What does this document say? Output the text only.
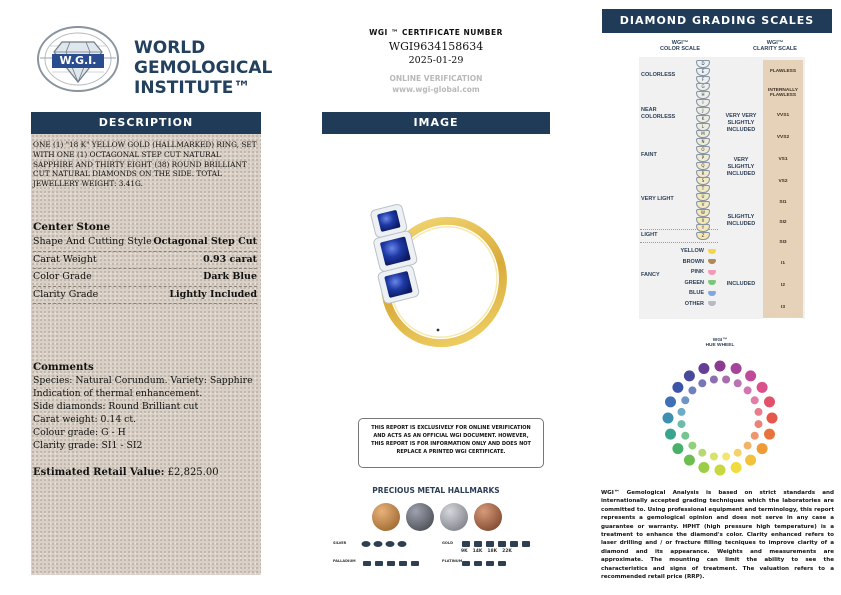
W.G.I.
WORLD
GEMOLOGICAL
INSTITUTE™
DESCRIPTION
ONE (1) "18 K" YELLOW GOLD (HALLMARKED) RING, SET WITH ONE (1) OCTAGONAL STEP CUT NATURAL SAPPHIRE AND THIRTY EIGHT (38) ROUND BRILLIANT CUT NATURAL DIAMONDS ON THE SIDE. TOTAL JEWELLERY WEIGHT: 3.41G.
Center Stone
Shape And Cutting Style Octagonal Step Cut
Carat Weight	0.93 carat
Color Grade	Dark Blue
Clarity Grade	Lightly Included
Comments
Species: Natural Corundum. Variety: Sapphire
Indication of thermal enhancement.
Side diamonds: Round Brilliant cut
Carat weight: 0.14 ct.
Colour grade: G - H
Clarity grade: SI1 - SI2
Estimated Retail Value: £2,825.00
WGI ™ CERTIFICATE NUMBER
WGI9634158634
2025-01-29
ONLINE VERIFICATION
www.wgi-global.com
IMAGE
THIS REPORT IS EXCLUSIVELY FOR ONLINE VERIFICATION AND ACTS AS AN OFFICIAL WGI DOCUMENT. HOWEVER, THIS REPORT IS FOR INFORMATION ONLY AND DOES NOT REPLACE A PRINTED WGI CERTIFICATE.
PRECIOUS METAL HALLMARKS
SILVER
PALLADIUM
GOLD
PLATINUM
9K 14K 18K 22K
DIAMOND GRADING SCALES
WGI™
COLOR SCALE
WGI™
CLARITY SCALE
COLORLESS
NEAR COLORLESS
FAINT
VERY LIGHT
LIGHT
D
E
F
G
H
I
J
K
L
M
N
O
P
Q
R
S
T
U
V
W
X
Y
Z
FANCY
YELLOW
BROWN
PINK
GREEN
BLUE
OTHER
VERY VERY SLIGHTLY INCLUDED
VERY SLIGHTLY INCLUDED
SLIGHTLY INCLUDED
INCLUDED
FLAWLESS
INTERNALLY FLAWLESS
VVS1
VVS2
VS1
VS2
SI1
SI2
SI3
I1
I2
I3
WGI™
HUE WHEEL
WGI™ Gemological Analysis is based on strict standards and internationally accepted grading techniques which the laboratories are committed to. Using professional equipment and terminology, this report represents a gemological opinion and does not serve in any case a guarantee or warranty. HPHT (high pressure high temperature) is a treatment to enhance the diamond's color. Clarity enhanced refers to laser drilling and / or fracture filling tecniques to improve clarity of a diamond and its appearance. Weights and measurements are approximate. The mounting can limit the ability to see the characteristics and signs of treatment. The valuation refers to a recommended retail price (RRP).
